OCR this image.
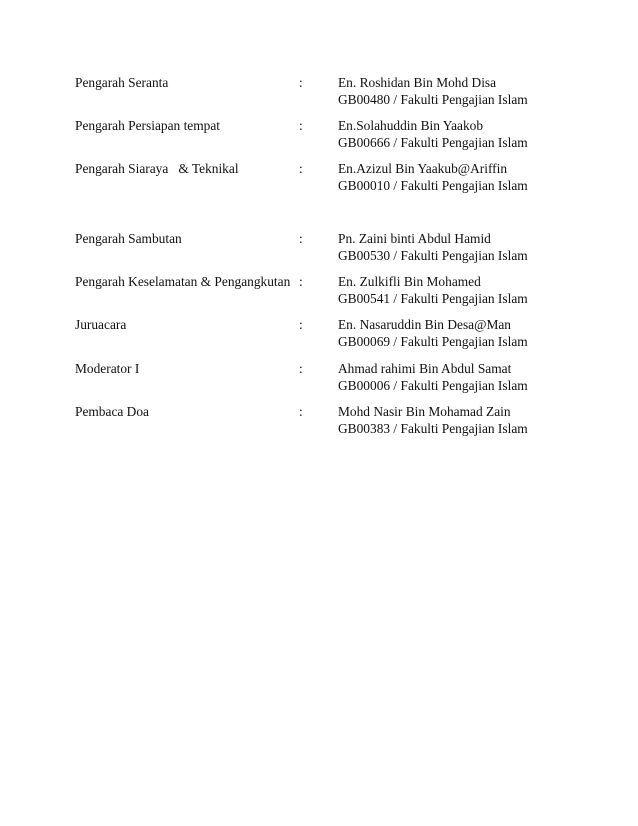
Pengarah Seranta	:	En. Roshidan Bin Mohd Disa
GB00480 / Fakulti Pengajian Islam
Pengarah Persiapan tempat	:	En.Solahuddin Bin Yaakob
GB00666 / Fakulti Pengajian Islam
Pengarah Siaraya   & Teknikal	:	En.Azizul Bin Yaakub@Ariffin
GB00010 / Fakulti Pengajian Islam
Pengarah Sambutan	:	Pn. Zaini binti Abdul Hamid
GB00530 / Fakulti Pengajian Islam
Pengarah Keselamatan & Pengangkutan :	En. Zulkifli Bin Mohamed
GB00541 / Fakulti Pengajian Islam
Juruacara	:	En. Nasaruddin Bin Desa@Man
GB00069 / Fakulti Pengajian Islam
Moderator I	:	Ahmad rahimi Bin Abdul Samat
GB00006 / Fakulti Pengajian Islam
Pembaca Doa	:	Mohd Nasir Bin Mohamad Zain
GB00383 / Fakulti Pengajian Islam
